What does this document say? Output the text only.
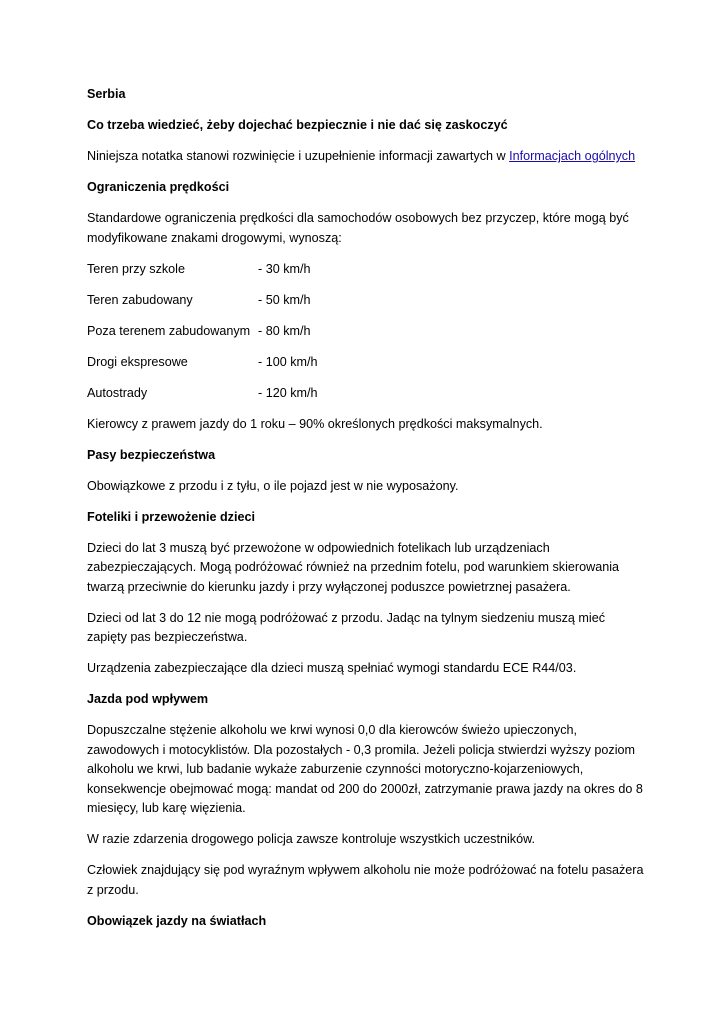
Serbia

Co trzeba wiedzieć, żeby dojechać bezpiecznie i nie dać się zaskoczyć

Niniejsza notatka stanowi rozwinięcie i uzupełnienie informacji zawartych w Informacjach ogólnych

Ograniczenia prędkości

Standardowe ograniczenia prędkości dla samochodów osobowych bez przyczep, które mogą być modyfikowane znakami drogowymi, wynoszą:

Teren przy szkole	- 30 km/h
Teren zabudowany	- 50 km/h
Poza terenem zabudowanym - 80 km/h
Drogi ekspresowe	- 100 km/h
Autostrady	- 120 km/h

Kierowcy z prawem jazdy do 1 roku – 90% określonych prędkości maksymalnych.

Pasy bezpieczeństwa

Obowiązkowe z przodu i z tyłu, o ile pojazd jest w nie wyposażony.

Foteliki i przewożenie dzieci

Dzieci do lat 3 muszą być przewożone w odpowiednich fotelikach lub urządzeniach zabezpieczających. Mogą podróżować również na przednim fotelu, pod warunkiem skierowania twarzą przeciwnie do kierunku jazdy i przy wyłączonej poduszce powietrznej pasażera.

Dzieci od lat 3 do 12 nie mogą podróżować z przodu. Jadąc na tylnym siedzeniu muszą mieć zapięty pas bezpieczeństwa.

Urządzenia zabezpieczające dla dzieci muszą spełniać wymogi standardu ECE R44/03.

Jazda pod wpływem

Dopuszczalne stężenie alkoholu we krwi wynosi 0,0 dla kierowców świeżo upieczonych, zawodowych i motocyklistów. Dla pozostałych - 0,3 promila. Jeżeli policja stwierdzi wyższy poziom alkoholu we krwi, lub badanie wykaże zaburzenie czynności motoryczno-kojarzeniowych, konsekwencje obejmować mogą: mandat od 200 do 2000zł, zatrzymanie prawa jazdy na okres do 8 miesięcy, lub karę więzienia.

W razie zdarzenia drogowego policja zawsze kontroluje wszystkich uczestników.

Człowiek znajdujący się pod wyraźnym wpływem alkoholu nie może podróżować na fotelu pasażera z przodu.

Obowiązek jazdy na światłach
